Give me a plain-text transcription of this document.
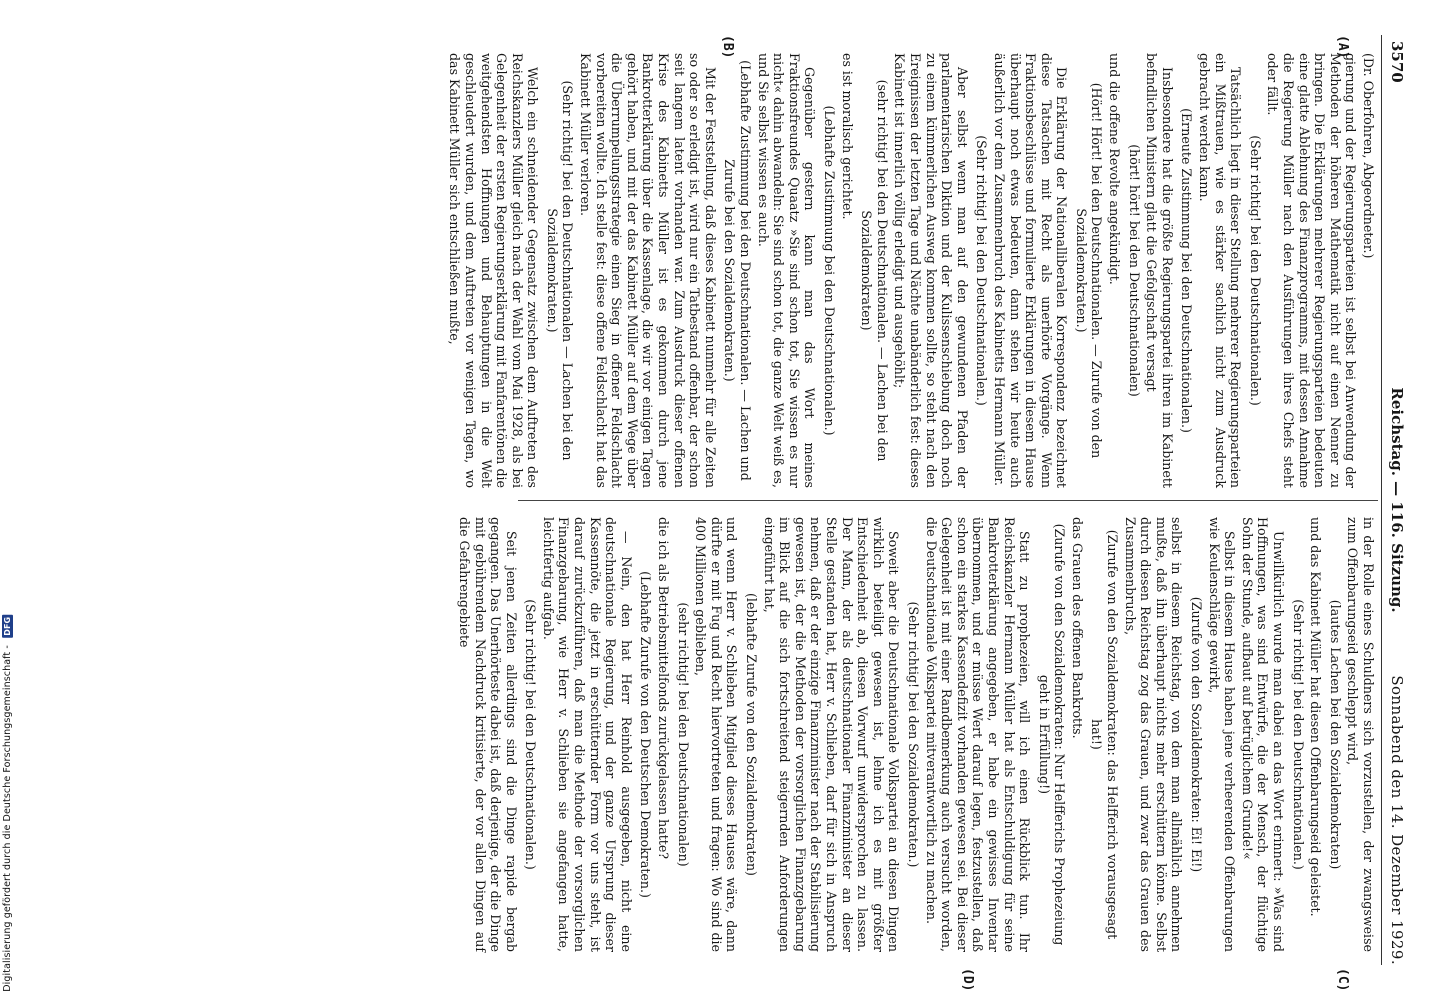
Digitalisierung gefördert durch die Deutsche Forschungsgemeinschaft - DFG
3570
Reichstag. — 116. Sitzung.
Sonnabend den 14. Dezember 1929.
(A)
(B)
(C)
(D)

(Dr. Oberfohren, Abgeordneter.)

gierung und der Regierungsparteien ist selbst bei Anwendung der Methoden der höheren Mathematik nicht auf einen Nenner zu bringen. Die Erklärungen mehrerer Regierungsparteien bedeuten eine glatte Ablehnung des Finanzprogramms, mit dessen Annahme die Regierung Müller nach den Ausführungen ihres Chefs steht oder fällt.

(Sehr richtig! bei den Deutschnationalen.)

Tatsächlich liegt in dieser Stellung mehrerer Regierungsparteien ein Mißtrauen, wie es stärker sachlich nicht zum Ausdruck gebracht werden kann.

(Erneute Zustimmung bei den Deutschnationalen.)

Insbesondere hat die größte Regierungspartei ihren im Kabinett befindlichen Ministern glatt die Gefolgschaft versagt

(hört! hört! bei den Deutschnationalen)

und die offene Revolte angekündigt.

(Hört! Hört! bei den Deutschnationalen. — Zurufe von den Sozialdemokraten.)

Die Erklärung der Nationalliberalen Korrespondenz bezeichnet diese Tatsachen mit Recht als unerhörte Vorgänge. Wenn Fraktionsbeschlüsse und formulierte Erklärungen in diesem Hause überhaupt noch etwas bedeuten, dann stehen wir heute auch äußerlich vor dem Zusammenbruch des Kabinetts Hermann Müller.

(Sehr richtig! bei den Deutschnationalen.)

Aber selbst wenn man auf den gewundenen Pfaden der parlamentarischen Diktion und der Kulissenschiebung doch noch zu einem kümmerlichen Ausweg kommen sollte, so steht nach den Ereignissen der letzten Tage und Nächte unabänderlich fest: dieses Kabinett ist innerlich völlig erledigt und ausgehöhlt;

(sehr richtig! bei den Deutschnationalen. — Lachen bei den Sozialdemokraten)

es ist moralisch gerichtet.

(Lebhafte Zustimmung bei den Deutschnationalen.)

Gegenüber gestern kann man das Wort meines Fraktionsfreundes Quaatz »Sie sind schon tot, Sie wissen es nur nicht« dahin abwandeln: Sie sind schon tot, die ganze Welt weiß es, und Sie selbst wissen es auch.

(Lebhafte Zustimmung bei den Deutschnationalen. — Lachen und Zurufe bei den Sozialdemokraten.)

Mit der Feststellung, daß dieses Kabinett nunmehr für alle Zeiten so oder so erledigt ist, wird nur ein Tatbestand offenbar, der schon seit langem latent vorhanden war. Zum Ausdruck dieser offenen Krise des Kabinetts Müller ist es gekommen durch jene Bankrotterklärung über die Kassenlage, die wir vor einigen Tagen gehört haben, und mit der das Kabinett Müller auf dem Wege über die Überrumpelungsstrategie einen Sieg in offener Feldschlacht vorbereiten wollte. Ich stelle fest: diese offene Feldschlacht hat das Kabinett Müller verloren.

(Sehr richtig! bei den Deutschnationalen — Lachen bei den Sozialdemokraten.)

Welch ein schneidender Gegensatz zwischen dem Auftreten des Reichskanzlers Müller gleich nach der Wahl vom Mai 1928, als bei Gelegenheit der ersten Regierungserklärung mit Fanfarentönen die weitgehendsten Hoffnungen und Behauptungen in die Welt geschleudert wurden, und dem Auftreten vor wenigen Tagen, wo das Kabinett Müller sich entschließen mußte,

in der Rolle eines Schuldners sich vorzustellen, der zwangsweise zum Offenbarungseid geschleppt wird,

(lautes Lachen bei den Sozialdemokraten)

und das Kabinett Müller hat diesen Offenbarungseid geleistet.

(Sehr richtig! bei den Deutschnationalen.)

Unwillkürlich wurde man dabei an das Wort erinnert: »Was sind Hoffnungen, was sind Entwürfe, die der Mensch, der flüchtige Sohn der Stunde, aufbaut auf betrüglichem Grunde!«

Selbst in diesem Hause haben jene verheerenden Offenbarungen wie Keulenschläge gewirkt,

(Zurufe von den Sozialdemokraten: Ei! Ei!)

selbst in diesem Reichstag, von dem man allmählich annehmen mußte, daß ihn überhaupt nichts mehr erschüttern könne. Selbst durch diesen Reichstag zog das Grauen, und zwar das Grauen des Zusammenbruchs,

(Zurufe von den Sozialdemokraten: das Helfferich vorausgesagt hat!)

das Grauen des offenen Bankrotts.

(Zurufe von den Sozialdemokraten: Nur Helfferichs Prophezeiung geht in Erfüllung!)

Statt zu prophezeien, will ich einen Rückblick tun. Ihr Reichskanzler Hermann Müller hat als Entschuldigung für seine Bankrotterklärung angegeben, er habe ein gewisses Inventar übernommen, und er müsse Wert darauf legen, festzustellen, daß schon ein starkes Kassendefizit vorhanden gewesen sei. Bei dieser Gelegenheit ist mit einer Randbemerkung auch versucht worden, die Deutschnationale Volkspartei mitverantwortlich zu machen.

(Sehr richtig! bei den Sozialdemokraten.)

Soweit aber die Deutschnationale Volkspartei an diesen Dingen wirklich beteiligt gewesen ist, lehne ich es mit größter Entschiedenheit ab, diesen Vorwurf unwidersprochen zu lassen. Der Mann, der als deutschnationaler Finanzminister an dieser Stelle gestanden hat, Herr v. Schlieben, darf für sich in Anspruch nehmen, daß er der einzige Finanzminister nach der Stabilisierung gewesen ist, der die Methoden der vorsorglichen Finanzgebarung im Blick auf die sich fortschreitend steigernden Anforderungen eingeführt hat,

(lebhafte Zurufe von den Sozialdemokraten)

und wenn Herr v. Schlieben Mitglied dieses Hauses wäre, dann dürfte er mit Fug und Recht hiervortreten und fragen: Wo sind die 400 Millionen geblieben,

(sehr richtig! bei den Deutschnationalen)

die ich als Betriebsmittelfonds zurückgelassen hatte?

(Lebhafte Zurufe von den Deutschen Demokraten.)

— Nein, den hat Herr Reinhold ausgegeben, nicht eine deutschnationale Regierung, und der ganze Ursprung dieser Kassennöte, die jetzt in erschütternder Form vor uns steht, ist darauf zurückzuführen, daß man die Methode der vorsorglichen Finanzgebarung, wie Herr v. Schlieben sie angefangen hatte, leichtfertig aufgab.

(Sehr richtig! bei den Deutschnationalen.)

Seit jenen Zeiten allerdings sind die Dinge rapide bergab gegangen. Das Unerhörteste dabei ist, daß derjenige, der die Dinge mit gebührendem Nachdruck kritisierte, der vor allen Dingen auf die Gefahrengebiete
